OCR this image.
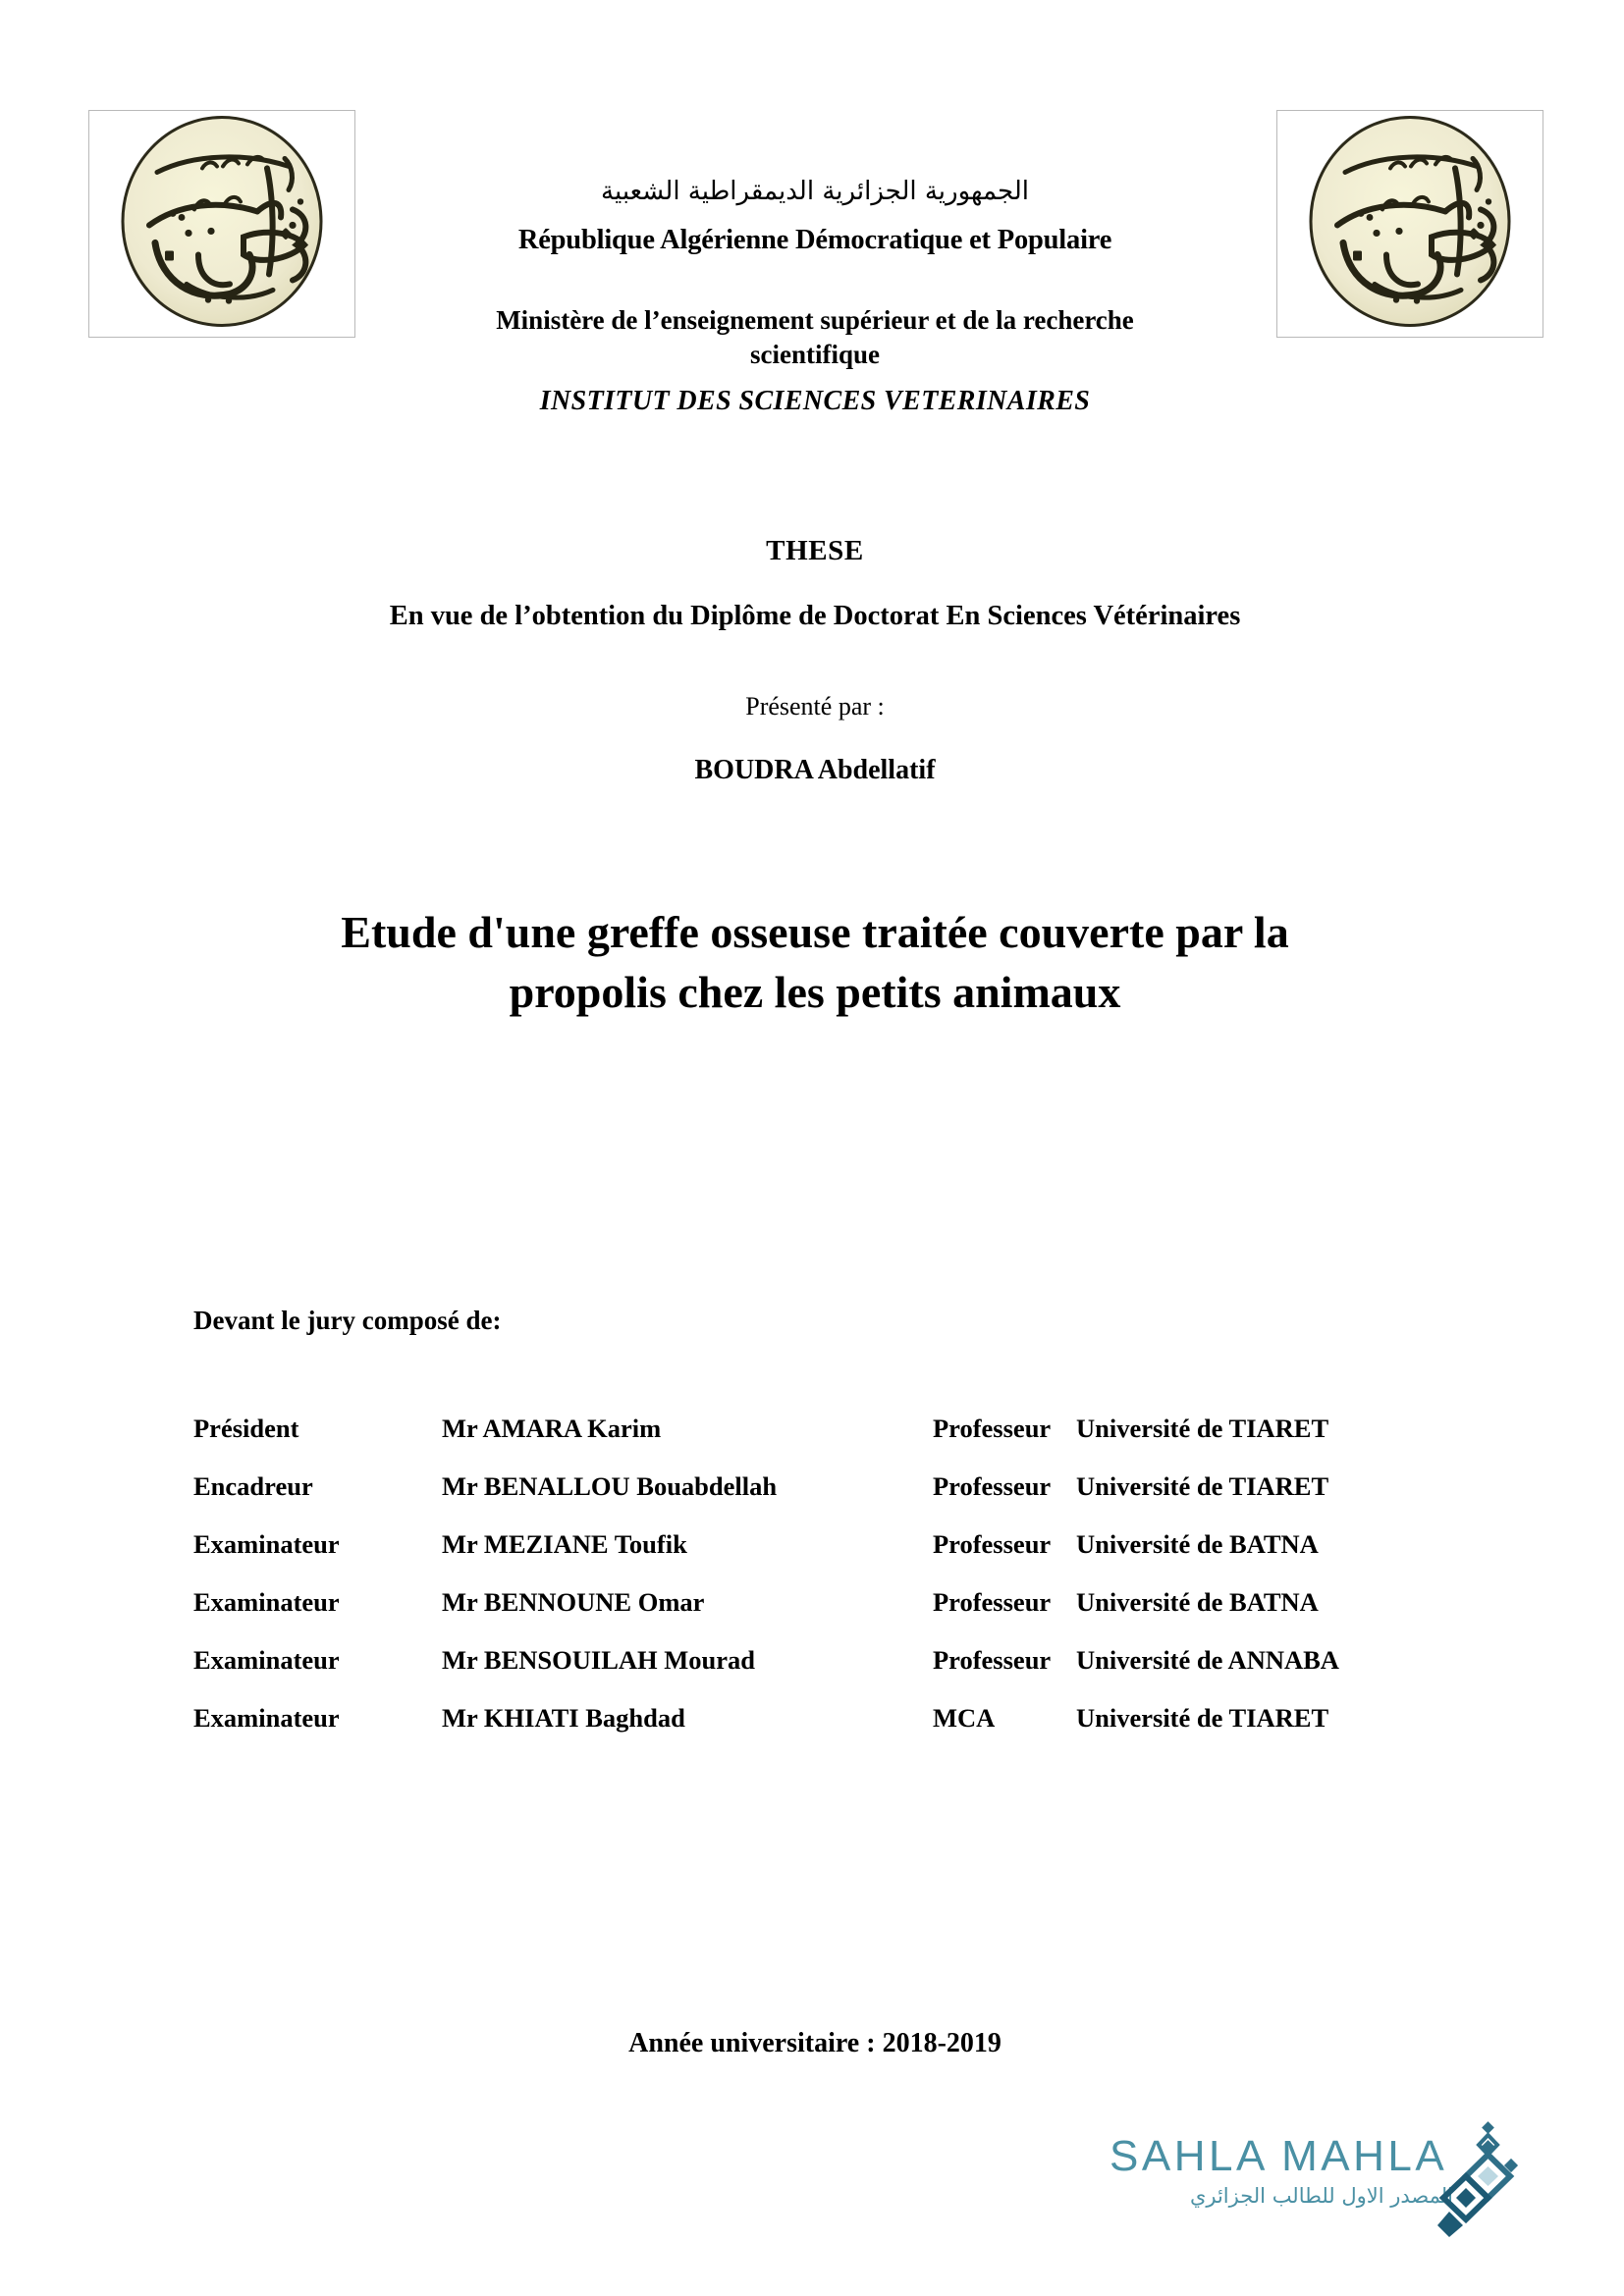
الجمهورية الجزائرية الديمقراطية الشعبية
République Algérienne Démocratique et Populaire
Ministère de l’enseignement supérieur et de la recherche
scientifique
INSTITUT DES SCIENCES VETERINAIRES
THESE
En vue de l’obtention du Diplôme de Doctorat En Sciences Vétérinaires
Présenté par :
BOUDRA Abdellatif
Etude d'une greffe osseuse traitée couverte par la
propolis chez les petits animaux
Devant le jury composé de:
Président	Mr AMARA Karim	Professeur	Université de TIARET
Encadreur	Mr BENALLOU Bouabdellah	Professeur	Université de TIARET
Examinateur	Mr MEZIANE Toufik	Professeur	Université de BATNA
Examinateur	Mr BENNOUNE Omar	Professeur	Université de BATNA
Examinateur	Mr BENSOUILAH Mourad	Professeur	Université de ANNABA
Examinateur	Mr KHIATI Baghdad	MCA	Université de TIARET
Année universitaire : 2018-2019
SAHLA MAHLA
المصدر الاول للطالب الجزائري
